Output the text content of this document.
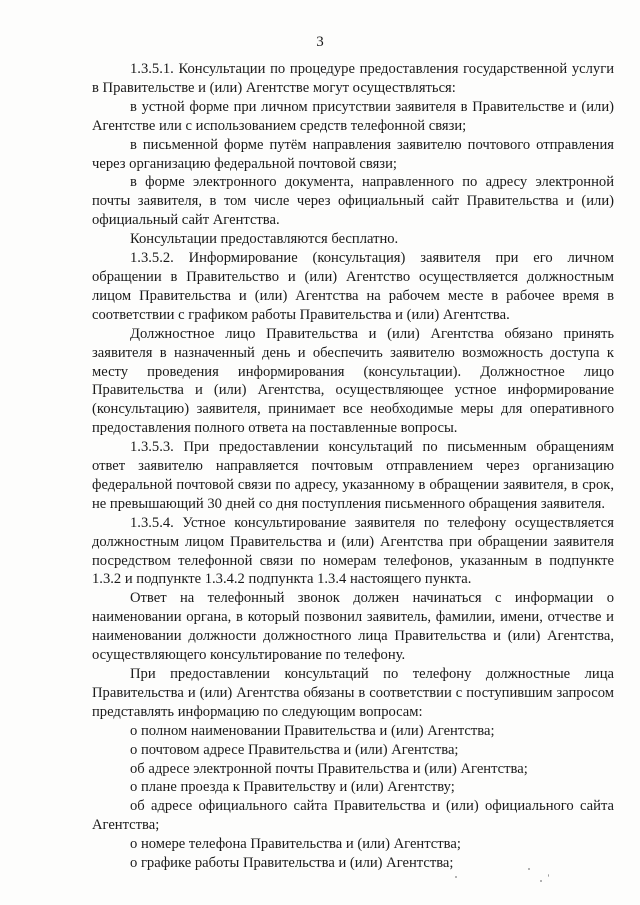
3

1.3.5.1. Консультации по процедуре предоставления государственной услуги в Правительстве и (или) Агентстве могут осуществляться:

в устной форме при личном присутствии заявителя в Правительстве и (или) Агентстве или с использованием средств телефонной связи;

в письменной форме путём направления заявителю почтового отправления через организацию федеральной почтовой связи;

в форме электронного документа, направленного по адресу электронной почты заявителя, в том числе через официальный сайт Правительства и (или) официальный сайт Агентства.

Консультации предоставляются бесплатно.

1.3.5.2. Информирование (консультация) заявителя при его личном обращении в Правительство и (или) Агентство осуществляется должностным лицом Правительства и (или) Агентства на рабочем месте в рабочее время в соответствии с графиком работы Правительства и (или) Агентства.

Должностное лицо Правительства и (или) Агентства обязано принять заявителя в назначенный день и обеспечить заявителю возможность доступа к месту проведения информирования (консультации). Должностное лицо Правительства и (или) Агентства, осуществляющее устное информирование (консультацию) заявителя, принимает все необходимые меры для оперативного предоставления полного ответа на поставленные вопросы.

1.3.5.3. При предоставлении консультаций по письменным обращениям ответ заявителю направляется почтовым отправлением через организацию федеральной почтовой связи по адресу, указанному в обращении заявителя, в срок, не превышающий 30 дней со дня поступления письменного обращения заявителя.

1.3.5.4. Устное консультирование заявителя по телефону осуществляется должностным лицом Правительства и (или) Агентства при обращении заявителя посредством телефонной связи по номерам телефонов, указанным в подпункте 1.3.2 и подпункте 1.3.4.2 подпункта 1.3.4 настоящего пункта.

Ответ на телефонный звонок должен начинаться с информации о наименовании органа, в который позвонил заявитель, фамилии, имени, отчестве и наименовании должности должностного лица Правительства и (или) Агентства, осуществляющего консультирование по телефону.

При предоставлении консультаций по телефону должностные лица Правительства и (или) Агентства обязаны в соответствии с поступившим запросом представлять информацию по следующим вопросам:

о полном наименовании Правительства и (или) Агентства;

о почтовом адресе Правительства и (или) Агентства;

об адресе электронной почты Правительства и (или) Агентства;

о плане проезда к Правительству и (или) Агентству;

об адресе официального сайта Правительства и (или) официального сайта Агентства;

о номере телефона Правительства и (или) Агентства;

о графике работы Правительства и (или) Агентства;
